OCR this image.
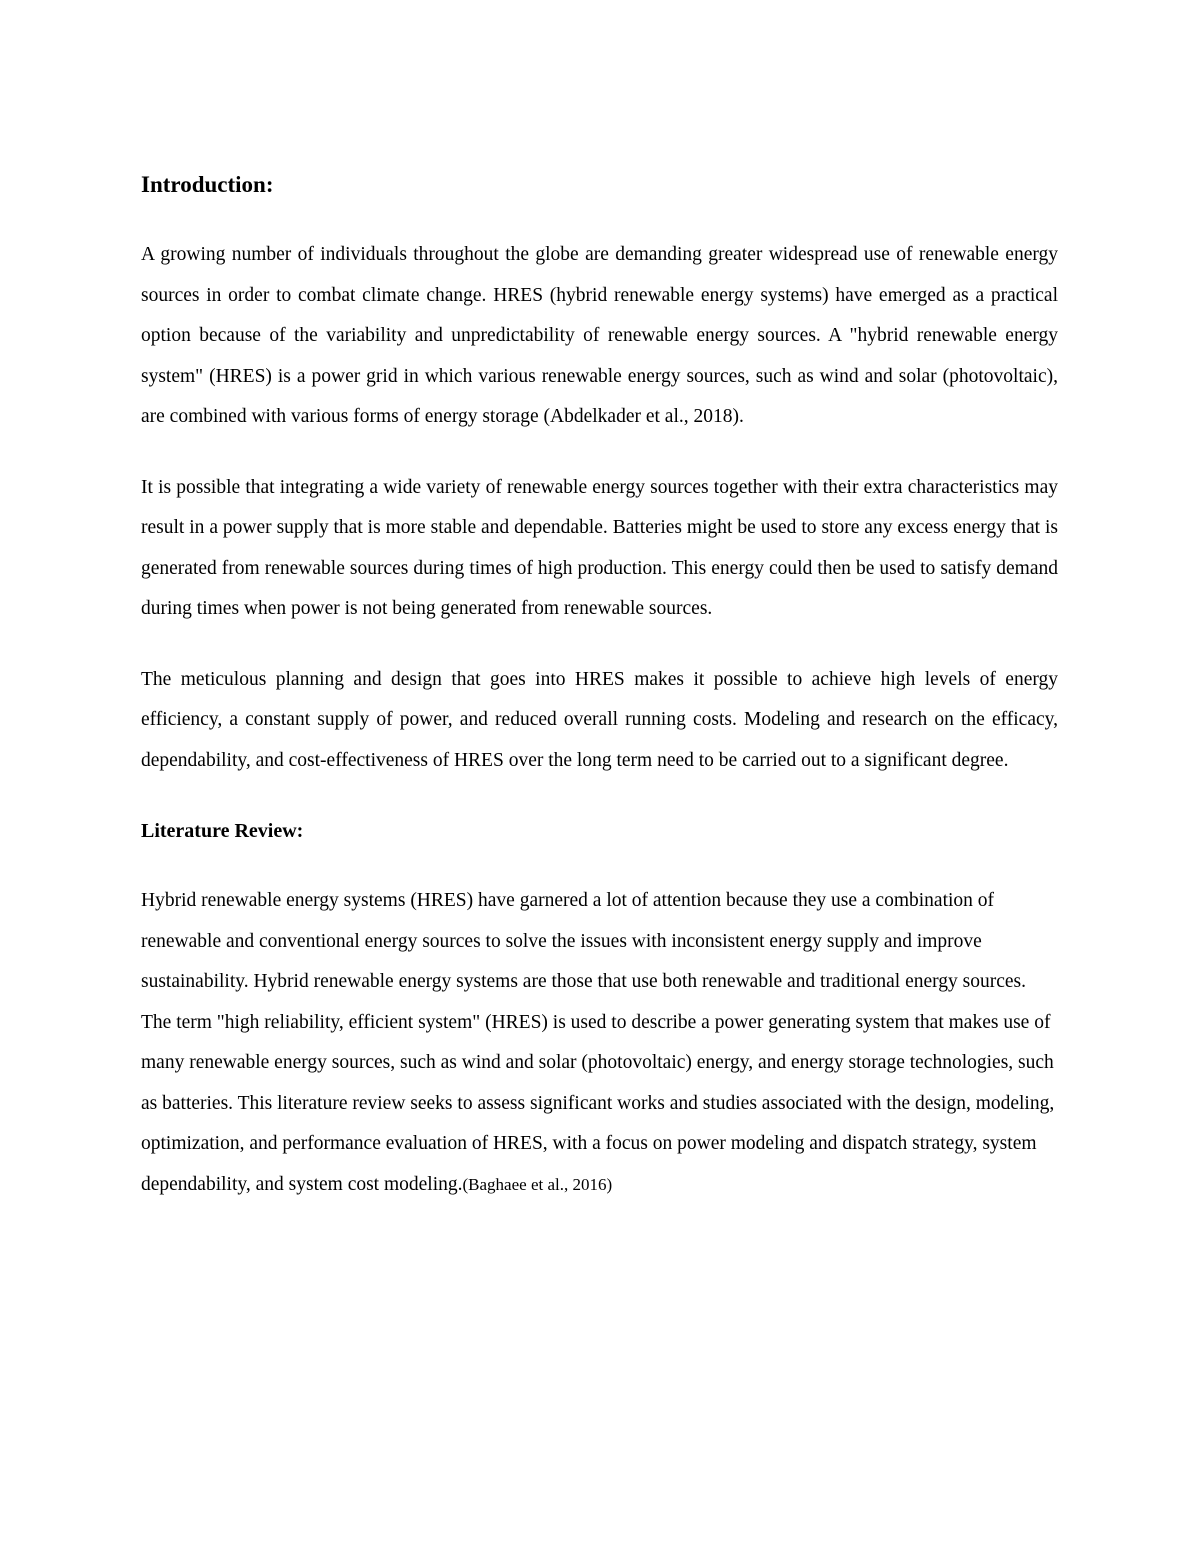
Introduction:

A growing number of individuals throughout the globe are demanding greater widespread use of renewable energy sources in order to combat climate change. HRES (hybrid renewable energy systems) have emerged as a practical option because of the variability and unpredictability of renewable energy sources. A "hybrid renewable energy system" (HRES) is a power grid in which various renewable energy sources, such as wind and solar (photovoltaic), are combined with various forms of energy storage (Abdelkader et al., 2018).

It is possible that integrating a wide variety of renewable energy sources together with their extra characteristics may result in a power supply that is more stable and dependable. Batteries might be used to store any excess energy that is generated from renewable sources during times of high production. This energy could then be used to satisfy demand during times when power is not being generated from renewable sources.

The meticulous planning and design that goes into HRES makes it possible to achieve high levels of energy efficiency, a constant supply of power, and reduced overall running costs. Modeling and research on the efficacy, dependability, and cost-effectiveness of HRES over the long term need to be carried out to a significant degree.

Literature Review:

Hybrid renewable energy systems (HRES) have garnered a lot of attention because they use a combination of renewable and conventional energy sources to solve the issues with inconsistent energy supply and improve sustainability. Hybrid renewable energy systems are those that use both renewable and traditional energy sources. The term "high reliability, efficient system" (HRES) is used to describe a power generating system that makes use of many renewable energy sources, such as wind and solar (photovoltaic) energy, and energy storage technologies, such as batteries. This literature review seeks to assess significant works and studies associated with the design, modeling, optimization, and performance evaluation of HRES, with a focus on power modeling and dispatch strategy, system dependability, and system cost modeling.(Baghaee et al., 2016)
